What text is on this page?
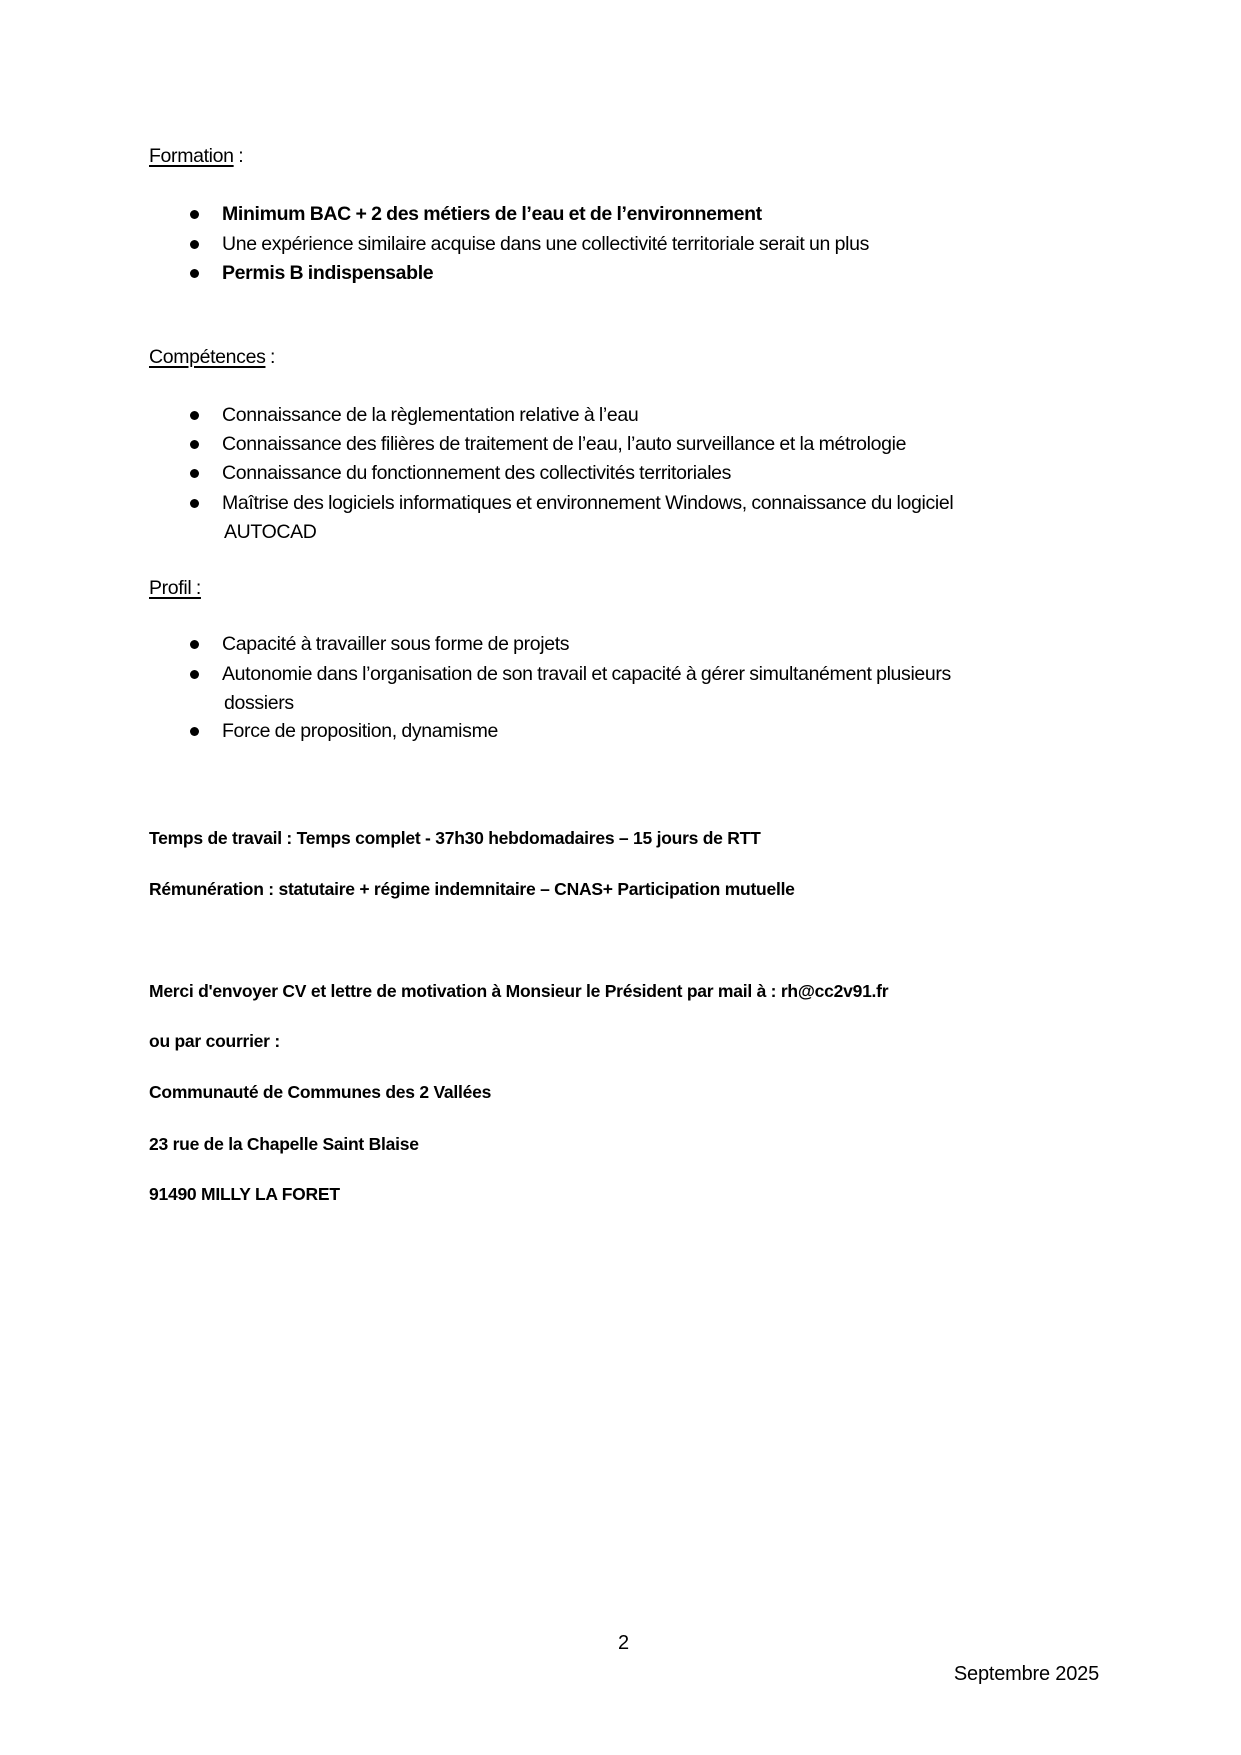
Formation :
Minimum BAC + 2 des métiers de l’eau et de l’environnement
Une expérience similaire acquise dans une collectivité territoriale serait un plus
Permis B indispensable
Compétences :
Connaissance de la règlementation relative à l’eau
Connaissance des filières de traitement de l’eau, l’auto surveillance et la métrologie
Connaissance du fonctionnement des collectivités territoriales
Maîtrise des logiciels informatiques et environnement Windows, connaissance du logiciel
AUTOCAD
Profil :
Capacité à travailler sous forme de projets
Autonomie dans l’organisation de son travail et capacité à gérer simultanément plusieurs
dossiers
Force de proposition, dynamisme
Temps de travail : Temps complet - 37h30 hebdomadaires – 15 jours de RTT
Rémunération : statutaire + régime indemnitaire – CNAS+ Participation mutuelle
Merci d'envoyer CV et lettre de motivation à Monsieur le Président par mail à : rh@cc2v91.fr
ou par courrier :
Communauté de Communes des 2 Vallées
23 rue de la Chapelle Saint Blaise
91490 MILLY LA FORET
2
Septembre 2025
